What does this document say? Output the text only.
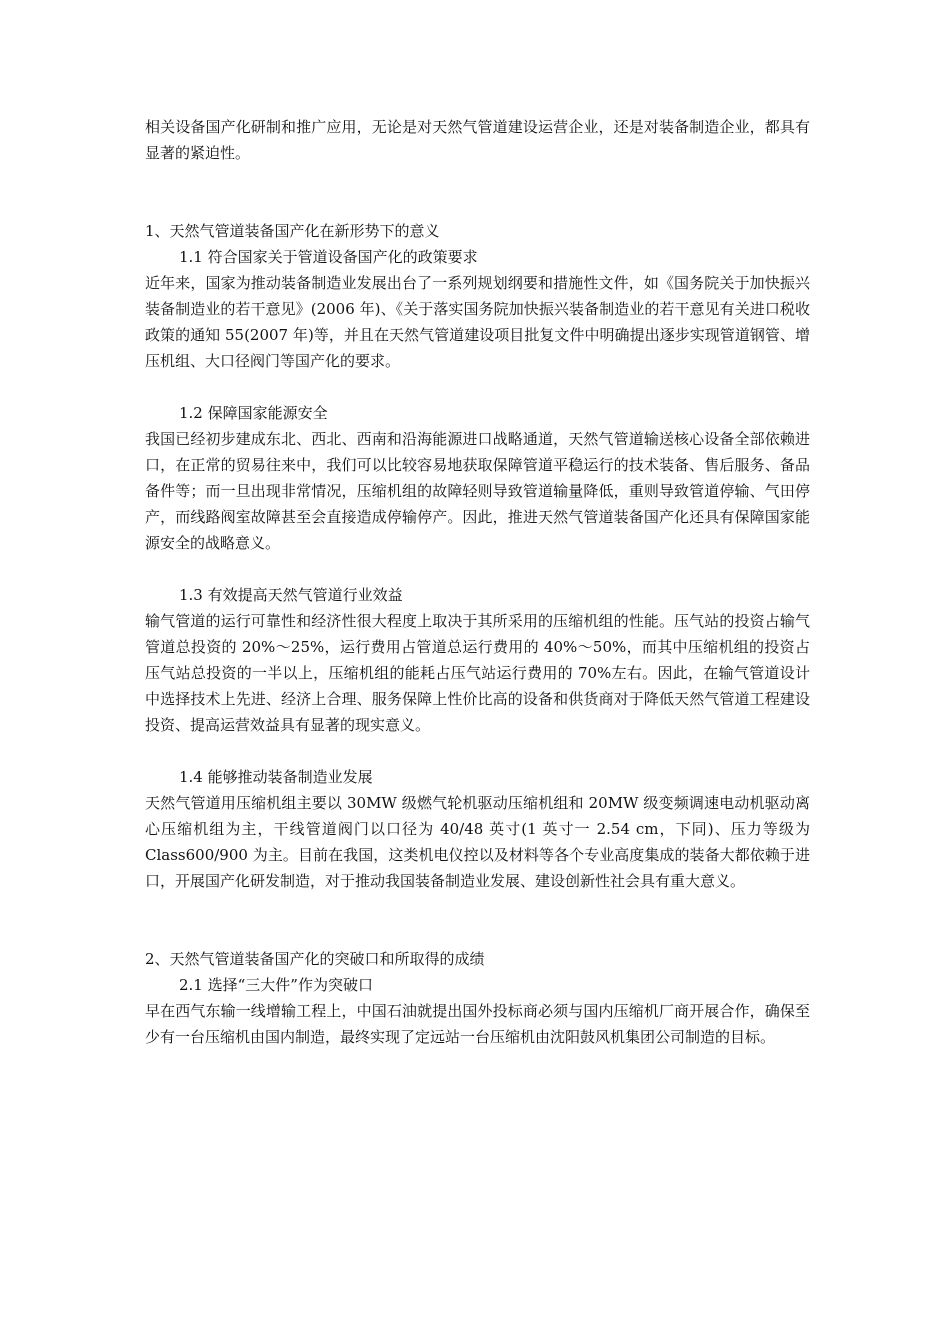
相关设备国产化研制和推广应用，无论是对天然气管道建设运营企业，还是对装备制造企业，都具有显著的紧迫性。

1、天然气管道装备国产化在新形势下的意义

1.1 符合国家关于管道设备国产化的政策要求

近年来，国家为推动装备制造业发展出台了一系列规划纲要和措施性文件，如《国务院关于加快振兴装备制造业的若干意见》(2006 年)、《关于落实国务院加快振兴装备制造业的若干意见有关进口税收政策的通知 55(2007 年)等，并且在天然气管道建设项目批复文件中明确提出逐步实现管道钢管、增压机组、大口径阀门等国产化的要求。

1.2 保障国家能源安全

我国已经初步建成东北、西北、西南和沿海能源进口战略通道，天然气管道输送核心设备全部依赖进口，在正常的贸易往来中，我们可以比较容易地获取保障管道平稳运行的技术装备、售后服务、备品备件等；而一旦出现非常情况，压缩机组的故障轻则导致管道输量降低，重则导致管道停输、气田停产，而线路阀室故障甚至会直接造成停输停产。因此，推进天然气管道装备国产化还具有保障国家能源安全的战略意义。

1.3 有效提高天然气管道行业效益

输气管道的运行可靠性和经济性很大程度上取决于其所采用的压缩机组的性能。压气站的投资占输气管道总投资的 20%～25%，运行费用占管道总运行费用的 40%～50%，而其中压缩机组的投资占压气站总投资的一半以上，压缩机组的能耗占压气站运行费用的 70%左右。因此，在输气管道设计中选择技术上先进、经济上合理、服务保障上性价比高的设备和供货商对于降低天然气管道工程建设投资、提高运营效益具有显著的现实意义。

1.4 能够推动装备制造业发展

天然气管道用压缩机组主要以 30MW 级燃气轮机驱动压缩机组和 20MW 级变频调速电动机驱动离心压缩机组为主，干线管道阀门以口径为 40/48 英寸(1 英寸一 2.54 cm，下同)、压力等级为 Class600/900 为主。目前在我国，这类机电仪控以及材料等各个专业高度集成的装备大都依赖于进口，开展国产化研发制造，对于推动我国装备制造业发展、建设创新性社会具有重大意义。

2、天然气管道装备国产化的突破口和所取得的成绩

2.1 选择“三大件”作为突破口

早在西气东输一线增输工程上，中国石油就提出国外投标商必须与国内压缩机厂商开展合作，确保至少有一台压缩机由国内制造，最终实现了定远站一台压缩机由沈阳鼓风机集团公司制造的目标。
